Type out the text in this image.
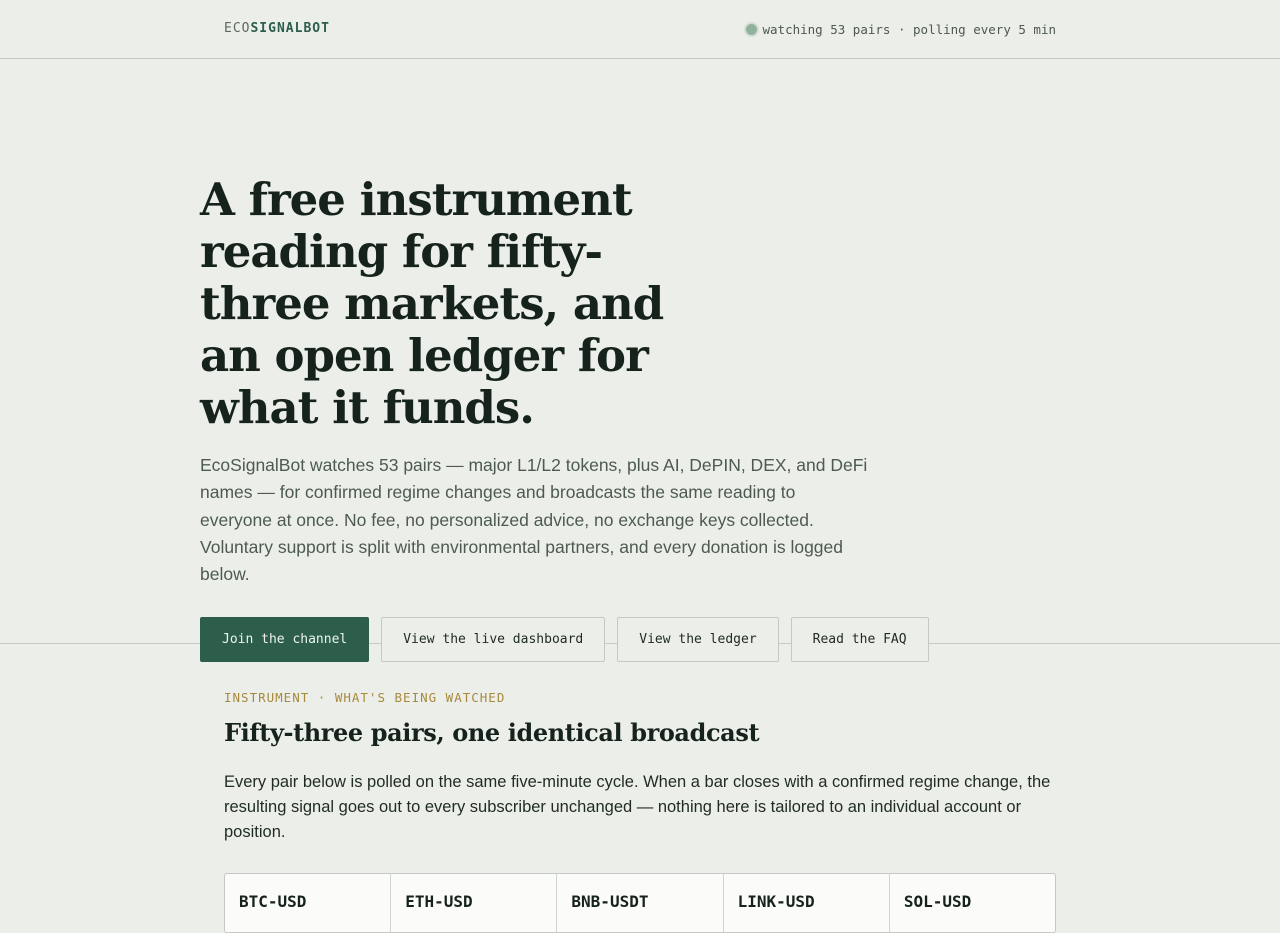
ECOSIGNALBOT	watching 53 pairs · polling every 5 min
A free instrument reading for fifty-three markets, and an open ledger for what it funds.

EcoSignalBot watches 53 pairs — major L1/L2 tokens, plus AI, DePIN, DEX, and DeFi names — for confirmed regime changes and broadcasts the same reading to everyone at once. No fee, no personalized advice, no exchange keys collected. Voluntary support is split with environmental partners, and every donation is logged below.

Join the channel	View the live dashboard	View the ledger	Read the FAQ
INSTRUMENT · WHAT'S BEING WATCHED
Fifty-three pairs, one identical broadcast

Every pair below is polled on the same five-minute cycle. When a bar closes with a confirmed regime change, the resulting signal goes out to every subscriber unchanged — nothing here is tailored to an individual account or position.

BTC-USD	ETH-USD	BNB-USDT	LINK-USD	SOL-USD
